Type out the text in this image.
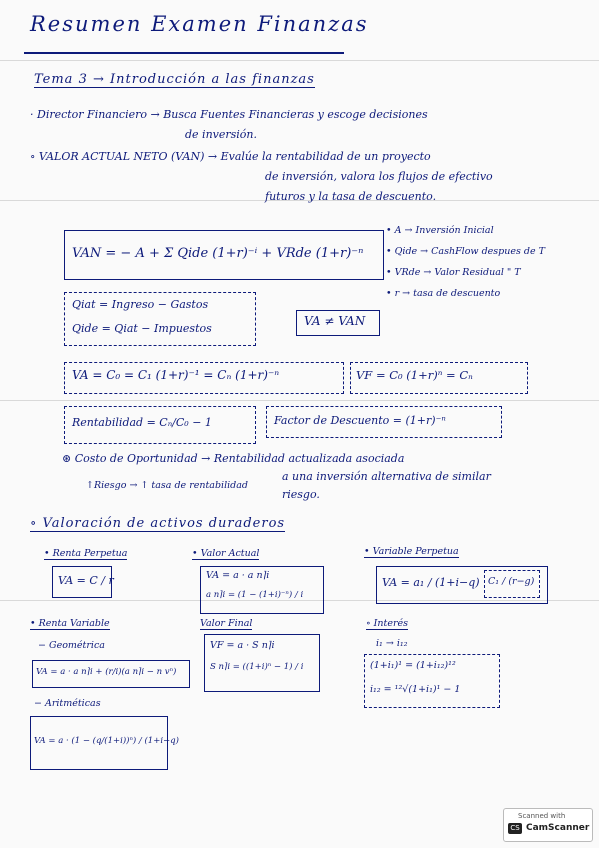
Resumen Examen Finanzas
Tema 3 → Introducción a las finanzas
· Director Financiero → Busca Fuentes Financieras y escoge decisiones
de inversión.
∘ VALOR ACTUAL NETO (VAN) → Evalúe la rentabilidad de un proyecto
de inversión, valora los flujos de efectivo
futuros y la tasa de descuento.
VAN = − A + Σ Qide (1+r)⁻ⁱ + VRde (1+r)⁻ⁿ
• A → Inversión Inicial
• Qide → CashFlow despues de T
• VRde → Valor Residual " T
• r → tasa de descuento
Qiat = Ingreso − Gastos
Qide = Qiat − Impuestos
VA ≠ VAN
VA = C₀ = C₁ (1+r)⁻¹ = Cₙ (1+r)⁻ⁿ	VF = C₀ (1+r)ⁿ = Cₙ
Rentabilidad = Cₙ/C₀ − 1	Factor de Descuento = (1+r)⁻ⁿ
⊛ Costo de Oportunidad → Rentabilidad actualizada asociada
a una inversión alternativa de similar
riesgo.
↑Riesgo → ↑ tasa de rentabilidad
∘ Valoración de activos duraderos
• Renta Perpetua
VA = C / r
• Renta Variable
− Geométrica
VA = a · a n⌉i + (r/i)(a n⌉i − n vⁿ)
− Aritméticas
VA = a · (1 − (q/(1+i))ⁿ) / (1+i−q)
• Valor Actual
VA = a · a n⌉i
a n⌉i = (1 − (1+i)⁻ⁿ) / i
Valor Final
VF = a · S n⌉i
S n⌉i = ((1+i)ⁿ − 1) / i
• Variable Perpetua
VA = a₁ / (1+i−q) C₁ / (r−g)
∘ Interés
i₁ → i₁₂
(1+i₁)¹ = (1+i₁₂)¹²
i₁₂ = ¹²√(1+i₁)¹ − 1
Scanned with
CS CamScanner
